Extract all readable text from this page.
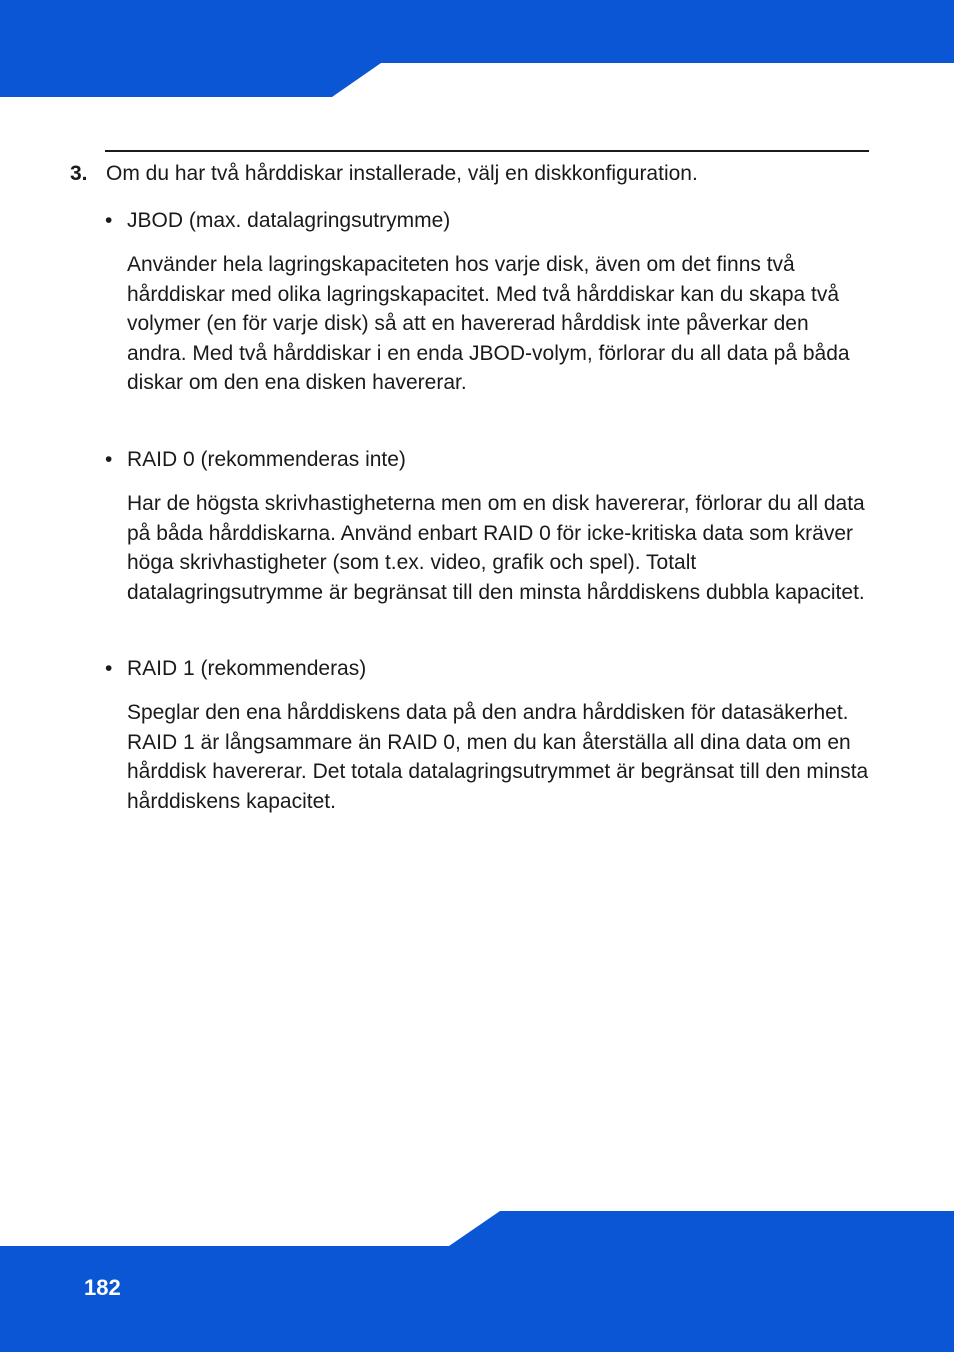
3. Om du har två hårddiskar installerade, välj en diskkonfiguration.
• JBOD (max. datalagringsutrymme)
Använder hela lagringskapaciteten hos varje disk, även om det finns två hårddiskar med olika lagringskapacitet. Med två hårddiskar kan du skapa två volymer (en för varje disk) så att en havererad hårddisk inte påverkar den andra. Med två hårddiskar i en enda JBOD-volym, förlorar du all data på båda diskar om den ena disken havererar.
• RAID 0 (rekommenderas inte)
Har de högsta skrivhastigheterna men om en disk havererar, förlorar du all data på båda hårddiskarna. Använd enbart RAID 0 för icke-kritiska data som kräver höga skrivhastigheter (som t.ex. video, grafik och spel). Totalt datalagringsutrymme är begränsat till den minsta hårddiskens dubbla kapacitet.
• RAID 1 (rekommenderas)
Speglar den ena hårddiskens data på den andra hårddisken för datasäkerhet. RAID 1 är långsammare än RAID 0, men du kan återställa all dina data om en hårddisk havererar. Det totala datalagringsutrymmet är begränsat till den minsta hårddiskens kapacitet.
182
